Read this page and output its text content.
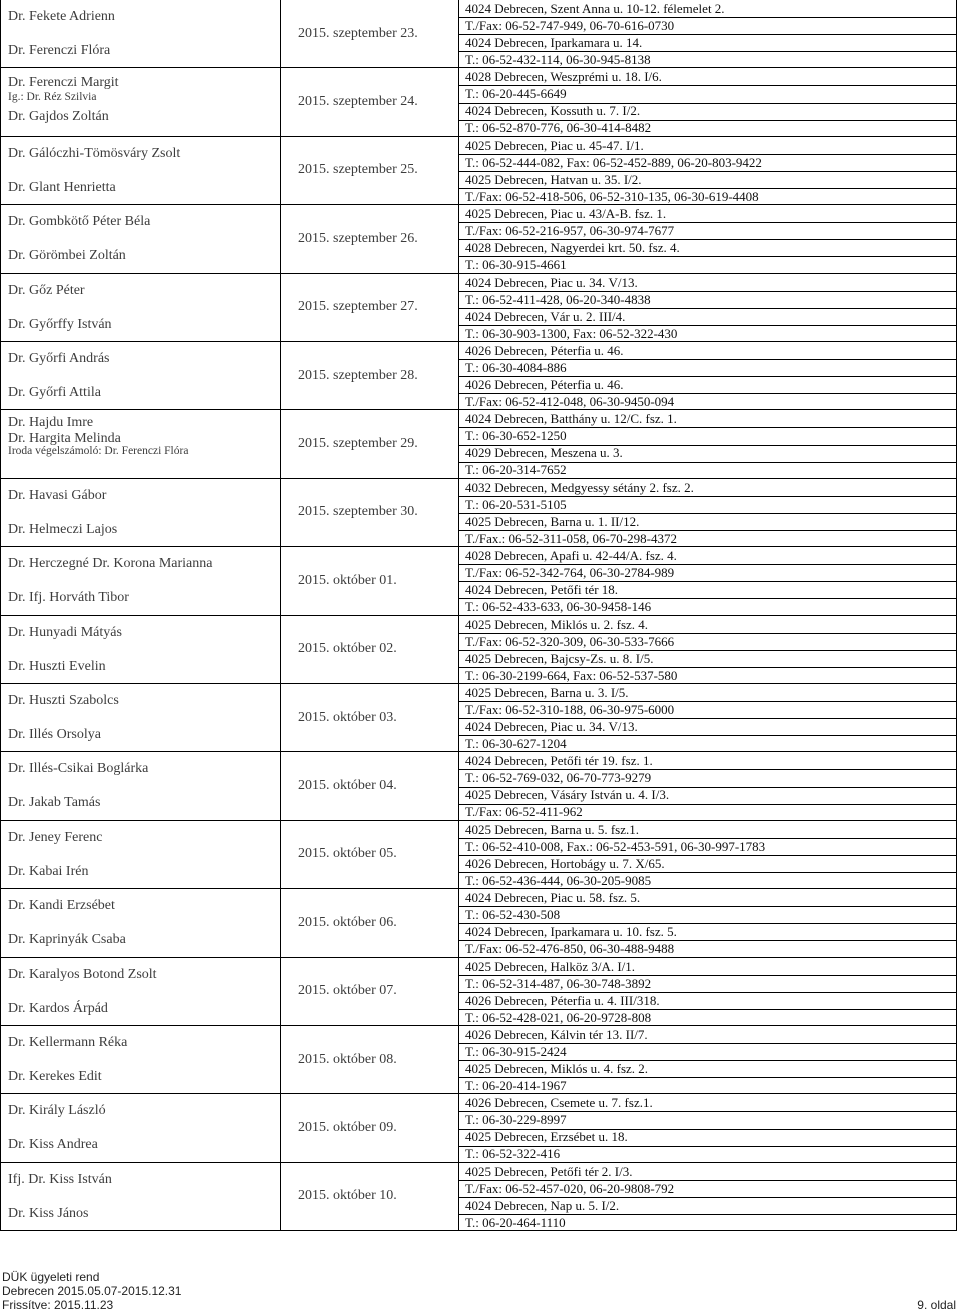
Dr. Fekete Adrienn
Dr. Ferenczi Flóra
2015. szeptember 23.
4024 Debrecen, Szent Anna u. 10-12. félemelet 2.
T./Fax: 06-52-747-949, 06-70-616-0730
4024 Debrecen, Iparkamara u. 14.
T.: 06-52-432-114, 06-30-945-8138
Dr. Ferenczi Margit
Ig.: Dr. Réz Szilvia
Dr. Gajdos Zoltán
2015. szeptember 24.
4028 Debrecen, Weszprémi u. 18. I/6.
T.: 06-20-445-6649
4024 Debrecen, Kossuth u. 7. I/2.
T.: 06-52-870-776, 06-30-414-8482
Dr. Gálóczhi-Tömösváry Zsolt
Dr. Glant Henrietta
2015. szeptember 25.
4025 Debrecen, Piac u. 45-47. I/1.
T.: 06-52-444-082, Fax: 06-52-452-889, 06-20-803-9422
4025 Debrecen, Hatvan u. 35. I/2.
T./Fax: 06-52-418-506, 06-52-310-135, 06-30-619-4408
Dr. Gombkötő Péter Béla
Dr. Görömbei Zoltán
2015. szeptember 26.
4025 Debrecen, Piac u. 43/A-B. fsz. 1.
T./Fax: 06-52-216-957, 06-30-974-7677
4028 Debrecen, Nagyerdei krt. 50. fsz. 4.
T.: 06-30-915-4661
Dr. Gőz Péter
Dr. Győrffy István
2015. szeptember 27.
4024 Debrecen, Piac u. 34. V/13.
T.: 06-52-411-428, 06-20-340-4838
4024 Debrecen, Vár u. 2. III/4.
T.: 06-30-903-1300, Fax: 06-52-322-430
Dr. Győrfi András
Dr. Győrfi Attila
2015. szeptember 28.
4026 Debrecen, Péterfia u. 46.
T.: 06-30-4084-886
4026 Debrecen, Péterfia u. 46.
T./Fax: 06-52-412-048, 06-30-9450-094
Dr. Hajdu Imre
Dr. Hargita Melinda
Iroda végelszámoló: Dr. Ferenczi Flóra
2015. szeptember 29.
4024 Debrecen, Batthány u. 12/C. fsz. 1.
T.: 06-30-652-1250
4029 Debrecen, Meszena u. 3.
T.: 06-20-314-7652
Dr. Havasi Gábor
Dr. Helmeczi Lajos
2015. szeptember 30.
4032 Debrecen, Medgyessy sétány 2. fsz. 2.
T.: 06-20-531-5105
4025 Debrecen, Barna u. 1. II/12.
T./Fax.: 06-52-311-058, 06-70-298-4372
Dr. Herczegné Dr. Korona Marianna
Dr. Ifj. Horváth Tibor
2015. október 01.
4028 Debrecen, Apafi u. 42-44/A. fsz. 4.
T./Fax: 06-52-342-764, 06-30-2784-989
4024 Debrecen, Petőfi tér 18.
T.: 06-52-433-633, 06-30-9458-146
Dr. Hunyadi Mátyás
Dr. Huszti Evelin
2015. október 02.
4025 Debrecen, Miklós u. 2. fsz. 4.
T./Fax: 06-52-320-309, 06-30-533-7666
4025 Debrecen, Bajcsy-Zs. u. 8. I/5.
T.: 06-30-2199-664, Fax: 06-52-537-580
Dr. Huszti Szabolcs
Dr. Illés Orsolya
2015. október 03.
4025 Debrecen, Barna u. 3. I/5.
T./Fax: 06-52-310-188, 06-30-975-6000
4024 Debrecen, Piac u. 34. V/13.
T.: 06-30-627-1204
Dr. Illés-Csikai Boglárka
Dr. Jakab Tamás
2015. október 04.
4024 Debrecen, Petőfi tér 19. fsz. 1.
T.: 06-52-769-032, 06-70-773-9279
4025 Debrecen, Vásáry István u. 4. I/3.
T./Fax: 06-52-411-962
Dr. Jeney Ferenc
Dr. Kabai Irén
2015. október 05.
4025 Debrecen, Barna u. 5. fsz.1.
T.: 06-52-410-008, Fax.: 06-52-453-591, 06-30-997-1783
4026 Debrecen, Hortobágy u. 7. X/65.
T.: 06-52-436-444, 06-30-205-9085
Dr. Kandi Erzsébet
Dr. Kaprinyák Csaba
2015. október 06.
4024 Debrecen, Piac u. 58. fsz. 5.
T.: 06-52-430-508
4024 Debrecen, Iparkamara u. 10. fsz. 5.
T./Fax: 06-52-476-850, 06-30-488-9488
Dr. Karalyos Botond Zsolt
Dr. Kardos Árpád
2015. október 07.
4025 Debrecen, Halköz 3/A. I/1.
T.: 06-52-314-487, 06-30-748-3892
4026 Debrecen, Péterfia u. 4. III/318.
T.: 06-52-428-021, 06-20-9728-808
Dr. Kellermann Réka
Dr. Kerekes Edit
2015. október 08.
4026 Debrecen, Kálvin tér 13. II/7.
T.: 06-30-915-2424
4025 Debrecen, Miklós u. 4. fsz. 2.
T.: 06-20-414-1967
Dr. Király László
Dr. Kiss Andrea
2015. október 09.
4026 Debrecen, Csemete u. 7. fsz.1.
T.: 06-30-229-8997
4025 Debrecen, Erzsébet u. 18.
T.: 06-52-322-416
Ifj. Dr. Kiss István
Dr. Kiss János
2015. október 10.
4025 Debrecen, Petőfi tér 2. I/3.
T./Fax: 06-52-457-020, 06-20-9808-792
4024 Debrecen, Nap u. 5. I/2.
T.: 06-20-464-1110
DÜK ügyeleti rend
Debrecen 2015.05.07-2015.12.31
Frissítve: 2015.11.23	9. oldal
